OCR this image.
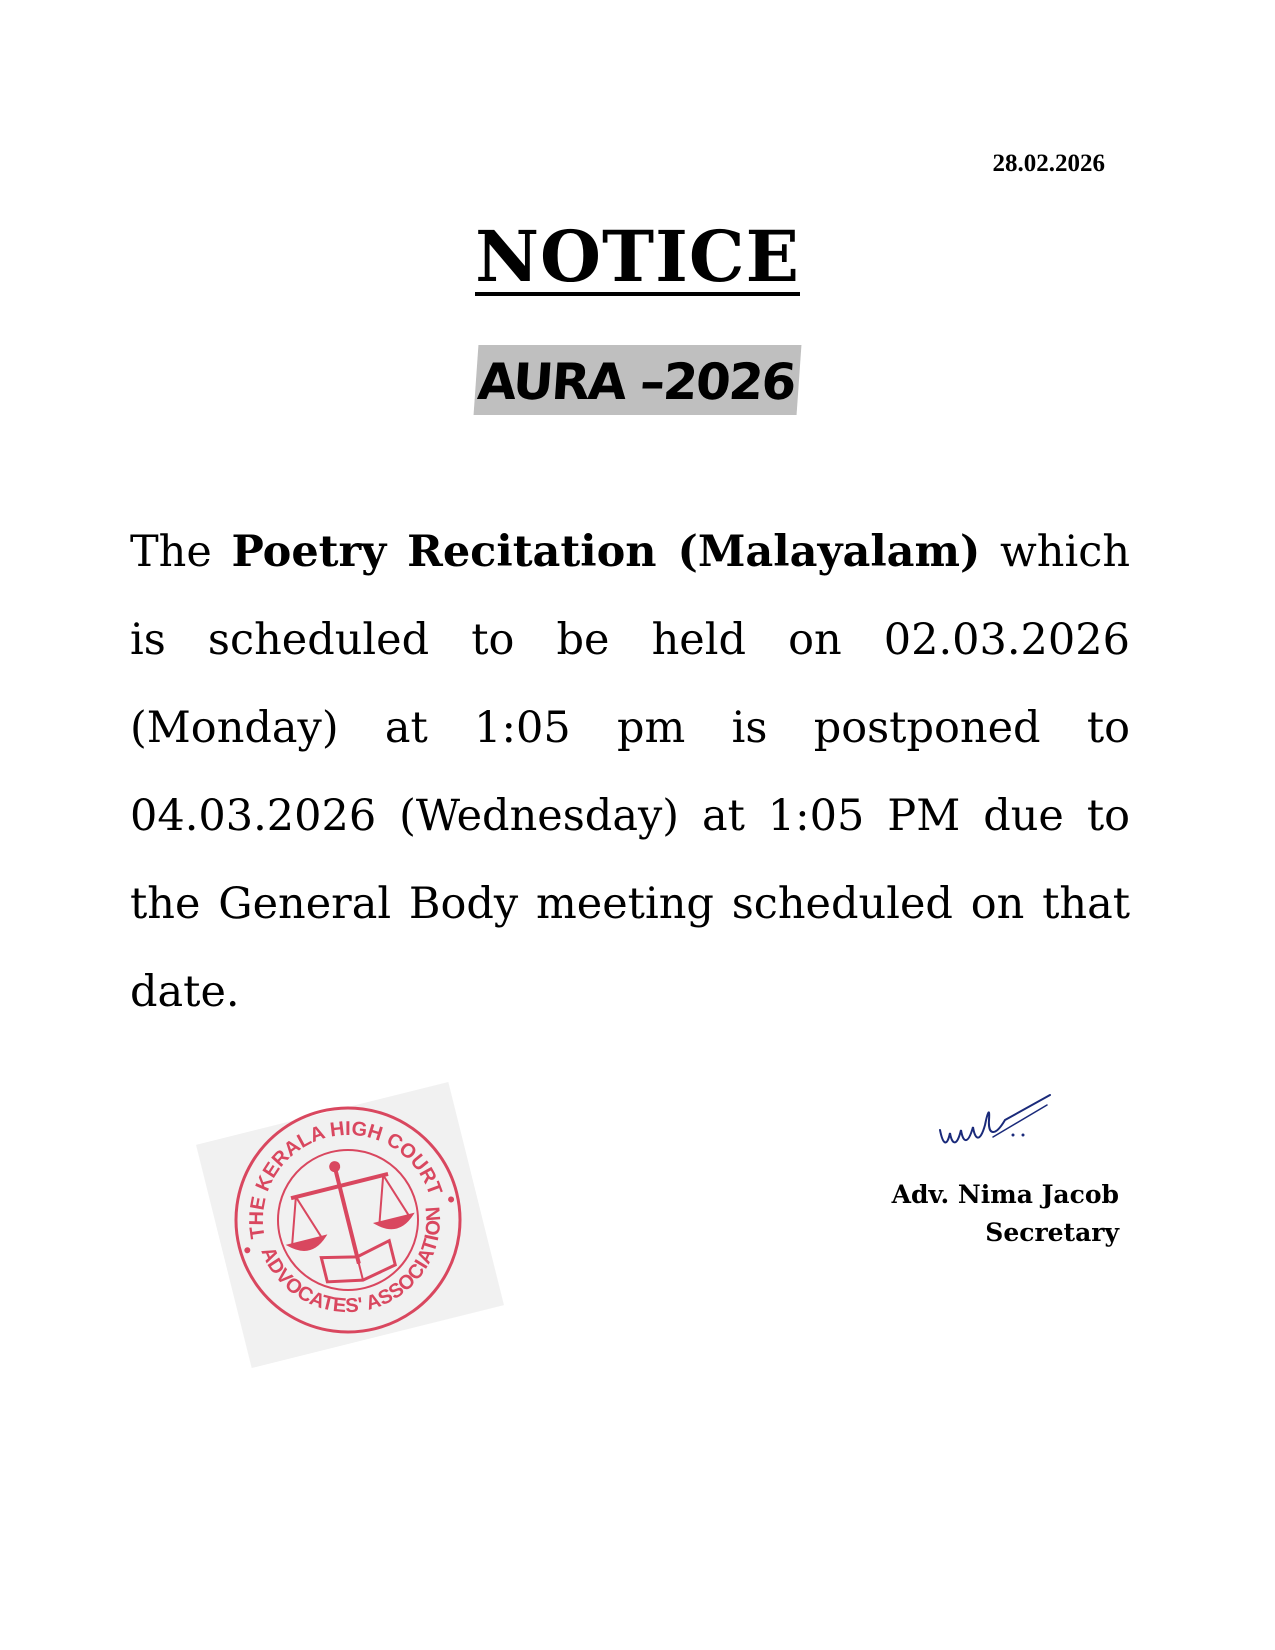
28.02.2026
NOTICE
AURA –2026
The Poetry Recitation (Malayalam) which is scheduled to be held on 02.03.2026 (Monday) at 1:05 pm is postponed to 04.03.2026 (Wednesday) at 1:05 PM due to the General Body meeting scheduled on that date.
THE KERALA HIGH COURT
ADVOCATES' ASSOCIATION
Adv. Nima Jacob
Secretary
